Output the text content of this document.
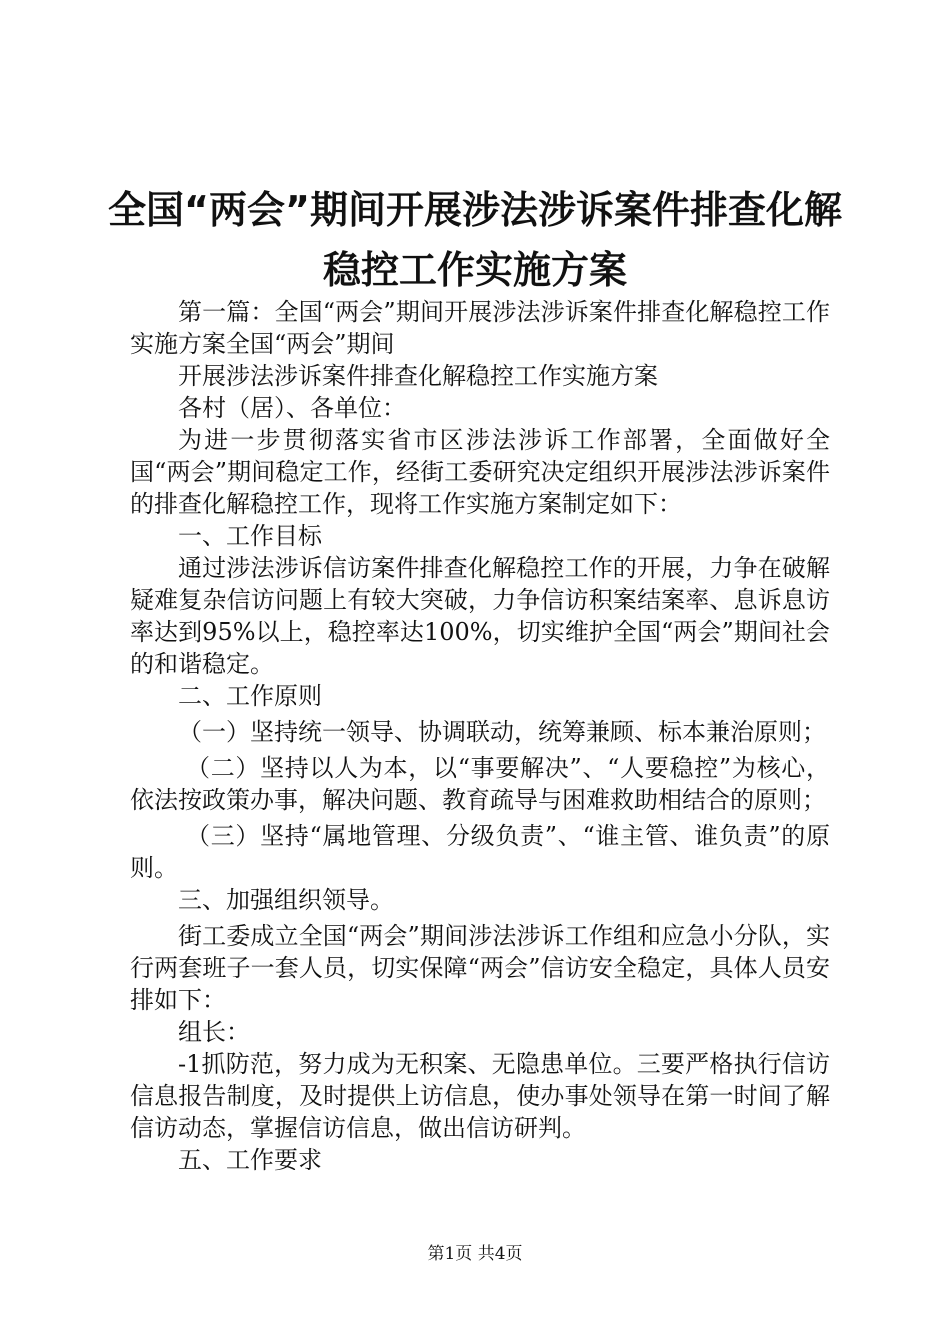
全国“两会”期间开展涉法涉诉案件排查化解
稳控工作实施方案

第一篇：全国“两会”期间开展涉法涉诉案件排查化解稳控工作实施方案全国“两会”期间

开展涉法涉诉案件排查化解稳控工作实施方案

各村（居）、各单位：

为进一步贯彻落实省市区涉法涉诉工作部署，全面做好全国“两会”期间稳定工作，经街工委研究决定组织开展涉法涉诉案件的排查化解稳控工作，现将工作实施方案制定如下：

一、工作目标

通过涉法涉诉信访案件排查化解稳控工作的开展，力争在破解疑难复杂信访问题上有较大突破，力争信访积案结案率、息诉息访率达到95%以上，稳控率达100%，切实维护全国“两会”期间社会的和谐稳定。

二、工作原则

（一）坚持统一领导、协调联动，统筹兼顾、标本兼治原则；

（二）坚持以人为本，以“事要解决”、“人要稳控”为核心，依法按政策办事，解决问题、教育疏导与困难救助相结合的原则；

（三）坚持“属地管理、分级负责”、“谁主管、谁负责”的原则。

三、加强组织领导。

街工委成立全国“两会”期间涉法涉诉工作组和应急小分队，实行两套班子一套人员，切实保障“两会”信访安全稳定，具体人员安排如下：

组长：

-1抓防范，努力成为无积案、无隐患单位。三要严格执行信访信息报告制度，及时提供上访信息，使办事处领导在第一时间了解信访动态，掌握信访信息，做出信访研判。

五、工作要求

第1页 共4页
